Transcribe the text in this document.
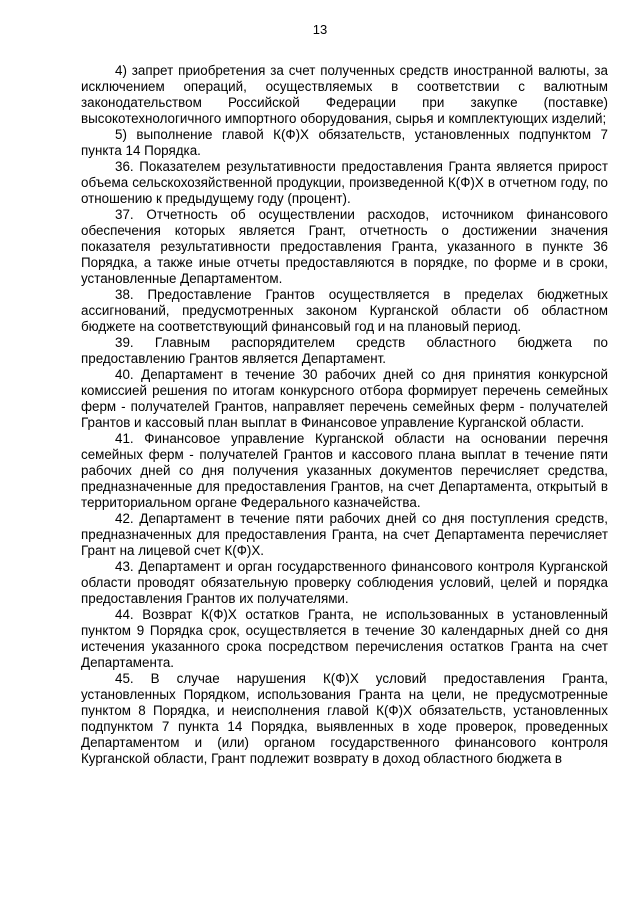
13

4) запрет приобретения за счет полученных средств иностранной валюты, за исключением операций, осуществляемых в соответствии с валютным законодательством Российской Федерации при закупке (поставке) высокотехнологичного импортного оборудования, сырья и комплектующих изделий;

5) выполнение главой К(Ф)Х обязательств, установленных подпунктом 7 пункта 14 Порядка.

36. Показателем результативности предоставления Гранта является прирост объема сельскохозяйственной продукции, произведенной К(Ф)Х в отчетном году, по отношению к предыдущему году (процент).

37. Отчетность об осуществлении расходов, источником финансового обеспечения которых является Грант, отчетность о достижении значения показателя результативности предоставления Гранта, указанного в пункте 36 Порядка, а также иные отчеты предоставляются в порядке, по форме и в сроки, установленные Департаментом.

38. Предоставление Грантов осуществляется в пределах бюджетных ассигнований, предусмотренных законом Курганской области об областном бюджете на соответствующий финансовый год и на плановый период.

39. Главным распорядителем средств областного бюджета по предоставлению Грантов является Департамент.

40. Департамент в течение 30 рабочих дней со дня принятия конкурсной комиссией решения по итогам конкурсного отбора формирует перечень семейных ферм - получателей Грантов, направляет перечень семейных ферм - получателей Грантов и кассовый план выплат в Финансовое управление Курганской области.

41. Финансовое управление Курганской области на основании перечня семейных ферм - получателей Грантов и кассового плана выплат в течение пяти рабочих дней со дня получения указанных документов перечисляет средства, предназначенные для предоставления Грантов, на счет Департамента, открытый в территориальном органе Федерального казначейства.

42. Департамент в течение пяти рабочих дней со дня поступления средств, предназначенных для предоставления Гранта, на счет Департамента перечисляет Грант на лицевой счет К(Ф)Х.

43. Департамент и орган государственного финансового контроля Курганской области проводят обязательную проверку соблюдения условий, целей и порядка предоставления Грантов их получателями.

44. Возврат К(Ф)Х остатков Гранта, не использованных в установленный пунктом 9 Порядка срок, осуществляется в течение 30 календарных дней со дня истечения указанного срока посредством перечисления остатков Гранта на счет Департамента.

45. В случае нарушения К(Ф)Х условий предоставления Гранта, установленных Порядком, использования Гранта на цели, не предусмотренные пунктом 8 Порядка, и неисполнения главой К(Ф)Х обязательств, установленных подпунктом 7 пункта 14 Порядка, выявленных в ходе проверок, проведенных Департаментом и (или) органом государственного финансового контроля Курганской области, Грант подлежит возврату в доход областного бюджета в
